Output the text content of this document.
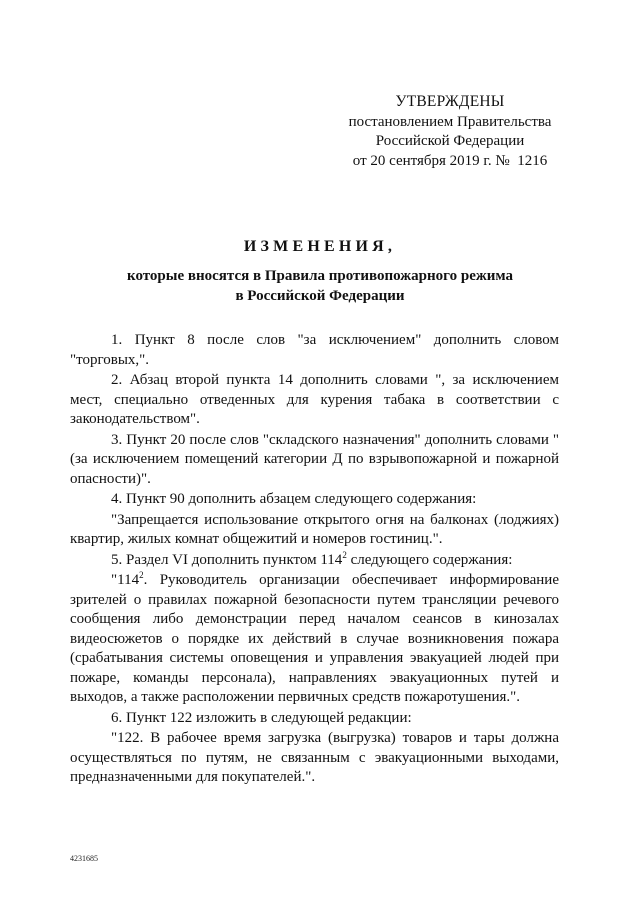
УТВЕРЖДЕНЫ
постановлением Правительства
Российской Федерации
от 20 сентября 2019 г. №  1216
ИЗМЕНЕНИЯ,
которые вносятся в Правила противопожарного режима
в Российской Федерации

1. Пункт 8 после слов "за исключением" дополнить словом "торговых,".

2. Абзац второй пункта 14 дополнить словами ", за исключением мест, специально отведенных для курения табака в соответствии с законодательством".

3. Пункт 20 после слов "складского назначения" дополнить словами "(за исключением помещений категории Д по взрывопожарной и пожарной опасности)".

4. Пункт 90 дополнить абзацем следующего содержания:

"Запрещается использование открытого огня на балконах (лоджиях) квартир, жилых комнат общежитий и номеров гостиниц.".

5. Раздел VI дополнить пунктом $114^2$ следующего содержания:

"$114^2$. Руководитель организации обеспечивает информирование зрителей о правилах пожарной безопасности путем трансляции речевого сообщения либо демонстрации перед началом сеансов в кинозалах видеосюжетов о порядке их действий в случае возникновения пожара (срабатывания системы оповещения и управления эвакуацией людей при пожаре, команды персонала), направлениях эвакуационных путей и выходов, а также расположении первичных средств пожаротушения.".

6. Пункт 122 изложить в следующей редакции:

"122. В рабочее время загрузка (выгрузка) товаров и тары должна осуществляться по путям, не связанным с эвакуационными выходами, предназначенными для покупателей.".

4231685
